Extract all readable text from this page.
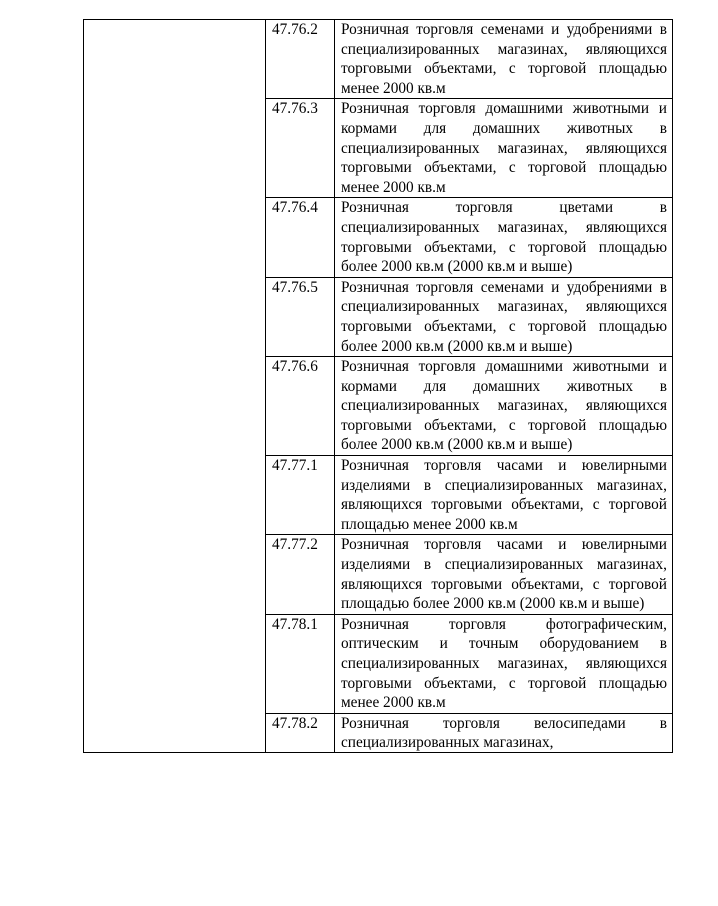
	47.76.2	Розничная торговля семенами и удобрениями в специализированных магазинах, являющихся торговыми объектами, с торговой площадью менее 2000 кв.м
	47.76.3	Розничная торговля домашними животными и кормами для домашних животных в специализированных магазинах, являющихся торговыми объектами, с торговой площадью менее 2000 кв.м
	47.76.4	Розничная торговля цветами в специализированных магазинах, являющихся торговыми объектами, с торговой площадью более 2000 кв.м (2000 кв.м и выше)
	47.76.5	Розничная торговля семенами и удобрениями в специализированных магазинах, являющихся торговыми объектами, с торговой площадью более 2000 кв.м (2000 кв.м и выше)
	47.76.6	Розничная торговля домашними животными и кормами для домашних животных в специализированных магазинах, являющихся торговыми объектами, с торговой площадью более 2000 кв.м (2000 кв.м и выше)
	47.77.1	Розничная торговля часами и ювелирными изделиями в специализированных магазинах, являющихся торговыми объектами, с торговой площадью менее 2000 кв.м
	47.77.2	Розничная торговля часами и ювелирными изделиями в специализированных магазинах, являющихся торговыми объектами, с торговой площадью более 2000 кв.м (2000 кв.м и выше)
	47.78.1	Розничная торговля фотографическим, оптическим и точным оборудованием в специализированных магазинах, являющихся торговыми объектами, с торговой площадью менее 2000 кв.м
	47.78.2	Розничная торговля велосипедами в специализированных магазинах,
